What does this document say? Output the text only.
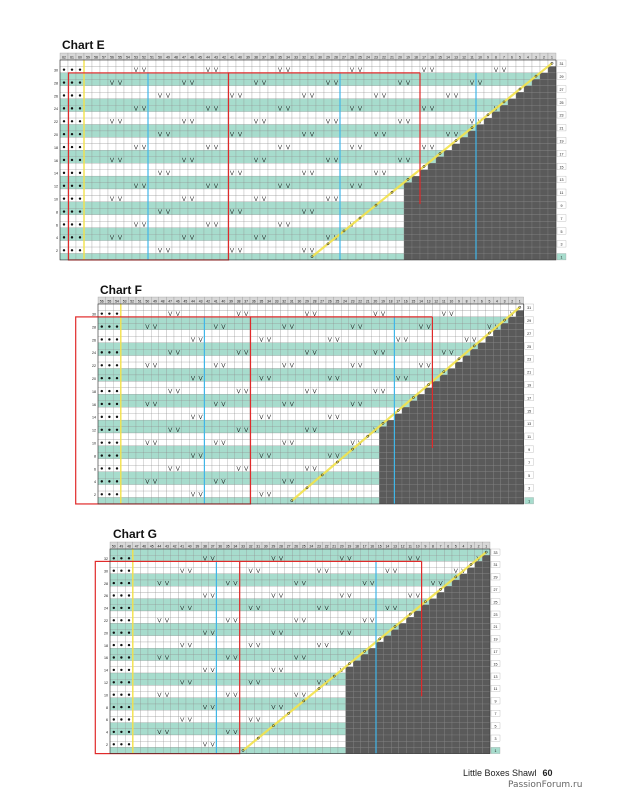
Chart E
62 61 60 59 58 57 56 55 54 53 52 51 50 49 48 47 46 45 44 43 42 41 40 39 38 37 36 35 34 33 32 31 30 29 28 27 26 25 24 23 22 21 20 19 18 17 16 15 14 13 12 11 10 9 8 7 6 5 4 3 2 1
31
30
29
28
27
26
25
24
23
22
21
20
19
18
17
16
15
14
13
12
11
10
9
8
7
6
5
4
3
2
1
Chart F
56 55 54 53 52 51 50 49 48 47 46 45 44 43 42 41 40 39 38 37 36 35 34 33 32 31 30 29 28 27 26 25 24 23 22 21 20 19 18 17 16 15 14 13 12 11 10 9 8 7 6 5 4 3 2 1
31
30
29
28
27
26
25
24
23
22
21
20
19
18
17
16
15
14
13
12
11
10
9
8
7
6
5
4
3
2
1
Chart G
50 49 48 47 46 45 44 43 42 41 40 39 38 37 36 35 34 33 32 31 30 29 28 27 26 25 24 23 22 21 20 19 18 17 16 15 14 13 12 11 10 9 8 7 6 5 4 3 2 1
33
32
31
30
29
28
27
26
25
24
23
22
21
20
19
18
17
16
15
14
13
12
11
10
9
8
7
6
5
4
3
2
1
Little Boxes Shawl 60
PassionForum.ru
